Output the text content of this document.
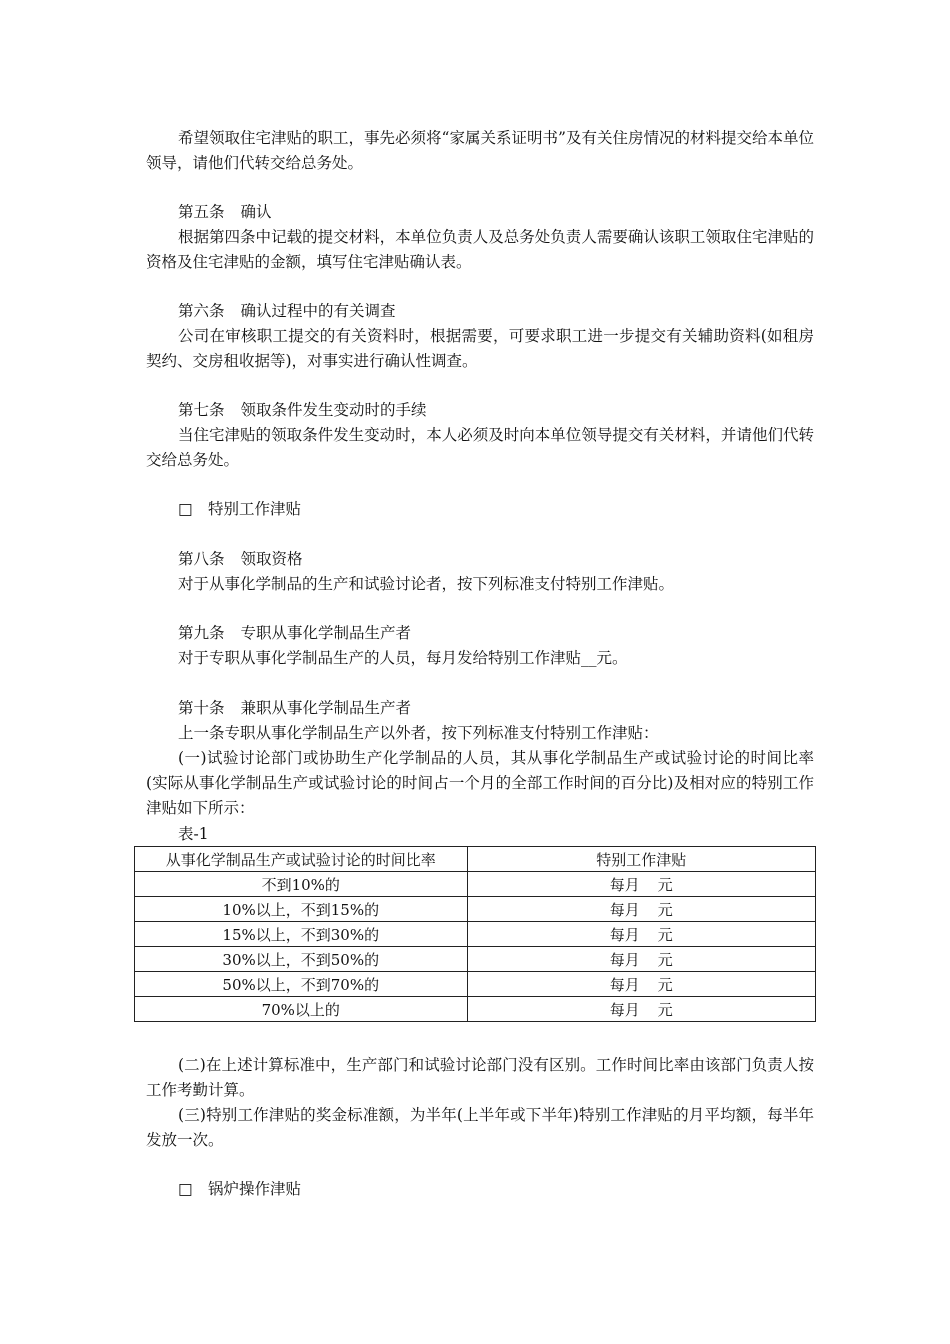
希望领取住宅津贴的职工，事先必须将“家属关系证明书”及有关住房情况的材料提交给本单位领导，请他们代转交给总务处。
第五条 确认
根据第四条中记载的提交材料，本单位负责人及总务处负责人需要确认该职工领取住宅津贴的资格及住宅津贴的金额，填写住宅津贴确认表。
第六条 确认过程中的有关调查
公司在审核职工提交的有关资料时，根据需要，可要求职工进一步提交有关辅助资料(如租房契约、交房租收据等)，对事实进行确认性调查。
第七条 领取条件发生变动时的手续
当住宅津贴的领取条件发生变动时，本人必须及时向本单位领导提交有关材料，并请他们代转交给总务处。
□ 特别工作津贴
第八条 领取资格
对于从事化学制品的生产和试验讨论者，按下列标准支付特别工作津贴。
第九条 专职从事化学制品生产者
对于专职从事化学制品生产的人员，每月发给特别工作津贴__元。
第十条 兼职从事化学制品生产者
上一条专职从事化学制品生产以外者，按下列标准支付特别工作津贴：
(一)试验讨论部门或协助生产化学制品的人员，其从事化学制品生产或试验讨论的时间比率(实际从事化学制品生产或试验讨论的时间占一个月的全部工作时间的百分比)及相对应的特别工作津贴如下所示：
表-1
从事化学制品生产或试验讨论的时间比率	特别工作津贴
不到10%的	每月 元
10%以上，不到15%的	每月 元
15%以上，不到30%的	每月 元
30%以上，不到50%的	每月 元
50%以上，不到70%的	每月 元
70%以上的	每月 元
(二)在上述计算标准中，生产部门和试验讨论部门没有区别。工作时间比率由该部门负责人按工作考勤计算。
(三)特别工作津贴的奖金标准额，为半年(上半年或下半年)特别工作津贴的月平均额，每半年发放一次。
□ 锅炉操作津贴
